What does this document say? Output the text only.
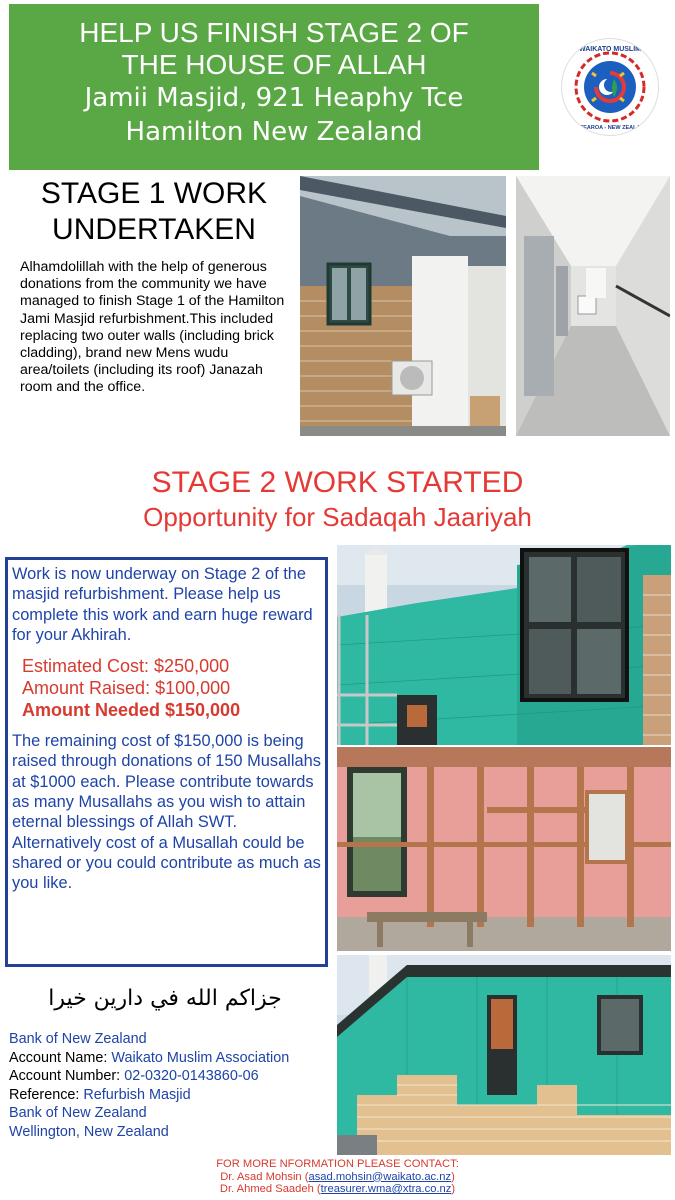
HELP US FINISH STAGE 2 OF
THE HOUSE OF ALLAH
Jamii Masjid, 921 Heaphy Tce
Hamilton New Zealand
WAIKATO MUSLIM
AOTEAROA - NEW ZEALAND
STAGE 1 WORK
UNDERTAKEN
Alhamdolillah with the help of generous donations from the community we have managed to finish Stage 1 of the Hamilton Jami Masjid refurbishment.This included replacing two outer walls (including brick cladding), brand new Mens wudu area/toilets (including its roof) Janazah room and the office.
STAGE 2 WORK STARTED
Opportunity for Sadaqah Jaariyah
Work is now underway on Stage 2 of the masjid refurbishment. Please help us complete this work and earn huge reward for your Akhirah.
Estimated Cost: $250,000
Amount Raised: $100,000
Amount Needed $150,000
The remaining cost of $150,000 is being raised through donations of 150 Musallahs at $1000 each. Please contribute towards as many Musallahs as you wish to attain eternal blessings of Allah SWT.
Alternatively cost of a Musallah could be shared or you could contribute as much as you like.
جزاكم الله في دارين خيرا
Bank of New Zealand
Account Name: Waikato Muslim Association
Account Number: 02-0320-0143860-06
Reference: Refurbish Masjid
Bank of New Zealand
Wellington, New Zealand
FOR MORE NFORMATION PLEASE CONTACT:
Dr. Asad Mohsin (asad.mohsin@waikato.ac.nz)
Dr. Ahmed Saadeh (treasurer.wma@xtra.co.nz)
